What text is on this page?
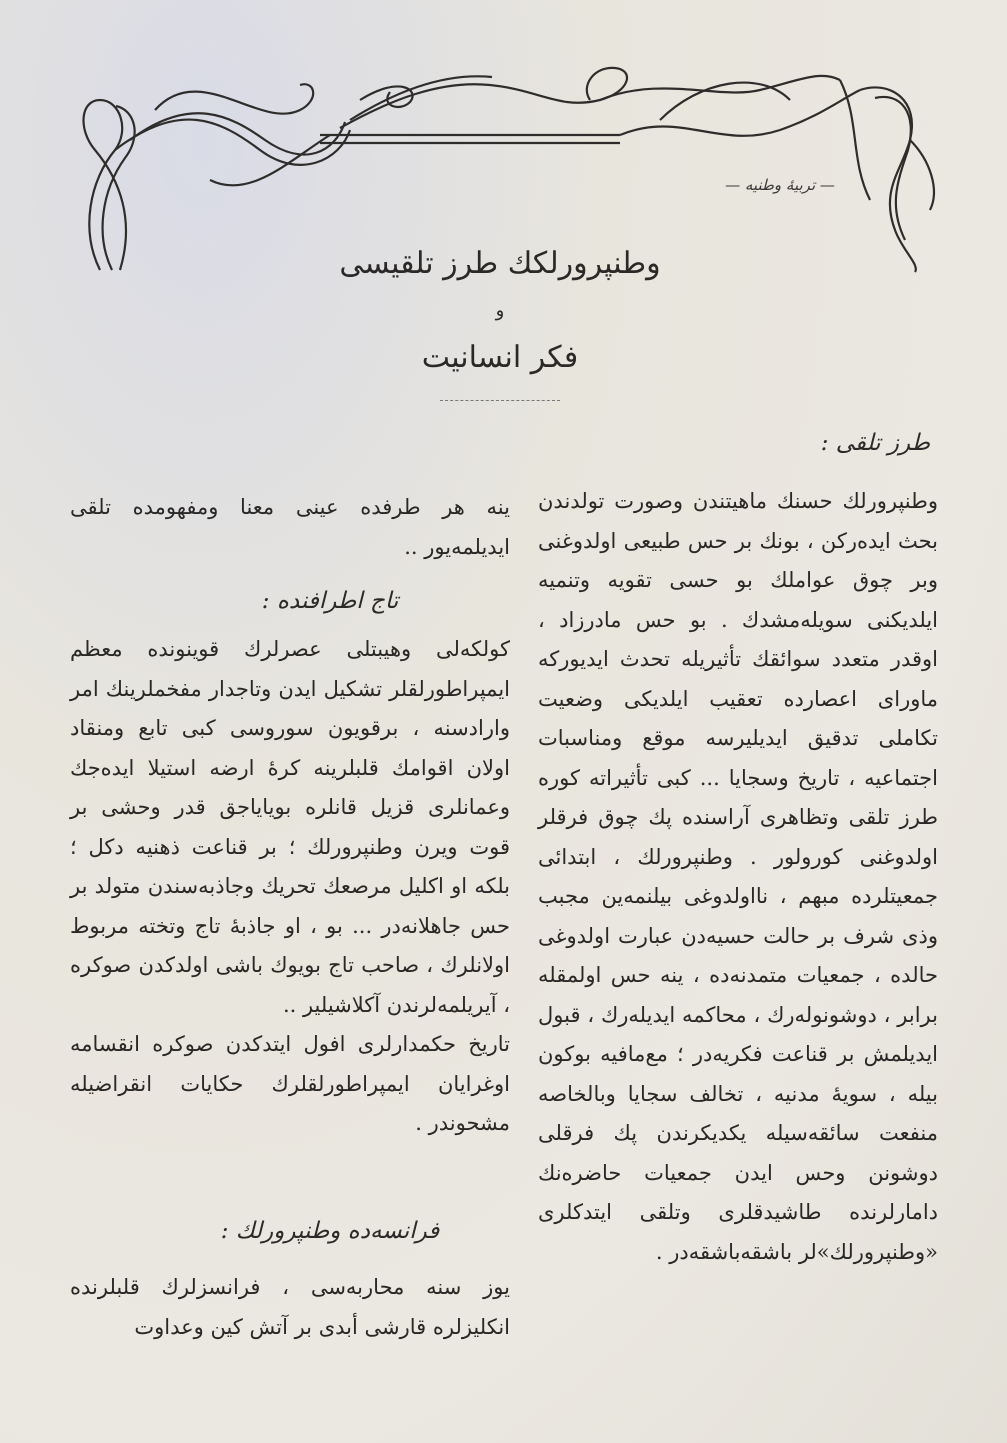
— تربیهٔ وطنیه —
وطنپرورلکك طرز تلقیسی
و
فکر انسانیت
طرز تلقی :

وطنپرورلك حسنك ماهیتندن وصورت تولدندن بحث ایده‌رکن ، بونك بر حس طبیعی اولدوغنی وبر چوق عواملك بو حسی تقویه وتنمیه ایلدیکنی سویله‌مشدك . بو حس مادرزاد ، اوقدر متعدد سوائقك تأثیریله تحدث ایدیورکه ماورای اعصارده تعقیب ایلدیکی وضعیت تکاملی تدقیق ایدیلیرسه موقع ومناسبات اجتماعیه ، تاریخ وسجایا ... کبی تأثیراته کوره طرز تلقی وتظاهری آراسنده پك چوق فرقلر اولدوغنی کورولور . وطنپرورلك ، ابتدائی جمعیتلرده مبهم ، نااولدوغی بیلنمه‌ین مجبب وذی شرف بر حالت حسیه‌دن عبارت اولدوغی حالده ، جمعیات متمدنه‌ده ، ینه حس اولمقله برابر ، دوشونوله‌رك ، محاکمه ایدیله‌رك ، قبول ایدیلمش بر قناعت فکریه‌در ؛ مع‌مافیه بوکون بیله ، سویهٔ مدنیه ، تخالف سجایا وبالخاصه منفعت سائقه‌سیله یکدیکرندن پك فرقلی دوشونن وحس ایدن جمعیات حاضره‌نك دامارلرنده طاشیدقلری وتلقی ایتدکلری «وطنپرورلك»لر باشقه‌باشقه‌در .

ینه هر طرفده عینی معنا ومفهومده تلقی ایدیلمه‌یور ..

تاج اطرافنده :

کولکه‌لی وهیبتلی عصرلرك قوینونده معظم ایمپراطورلقلر تشکیل ایدن وتاجدار مفخملرینك امر وارادسنه ، برقویون سوروسی کبی تابع ومنقاد اولان اقوامك قلبلرینه کرهٔ ارضه استیلا ایده‌جك وعمانلری قزیل قانلره بویایاجق قدر وحشی بر قوت ویرن وطنپرورلك ؛ بر قناعت ذهنیه دکل ؛ بلکه او اکلیل مرصعك تحریك وجاذبه‌سندن متولد بر حس جاهلانه‌در ... بو ، او جاذبهٔ تاج وتخته مربوط اولانلرك ، صاحب تاج بویوك باشی اولدکدن صوکره ، آیریلمه‌لرندن آکلاشیلیر ..

تاریخ حکمدارلری افول ایتدکدن صوکره انقسامه اوغرایان ایمپراطورلقلرك حکایات انقراضیله مشحوندر .

فرانسه‌ده وطنپرورلك :

یوز سنه محاربه‌سی ، فرانسزلرك قلبلرنده انکلیزلره قارشی أبدی بر آتش کین وعداوت
